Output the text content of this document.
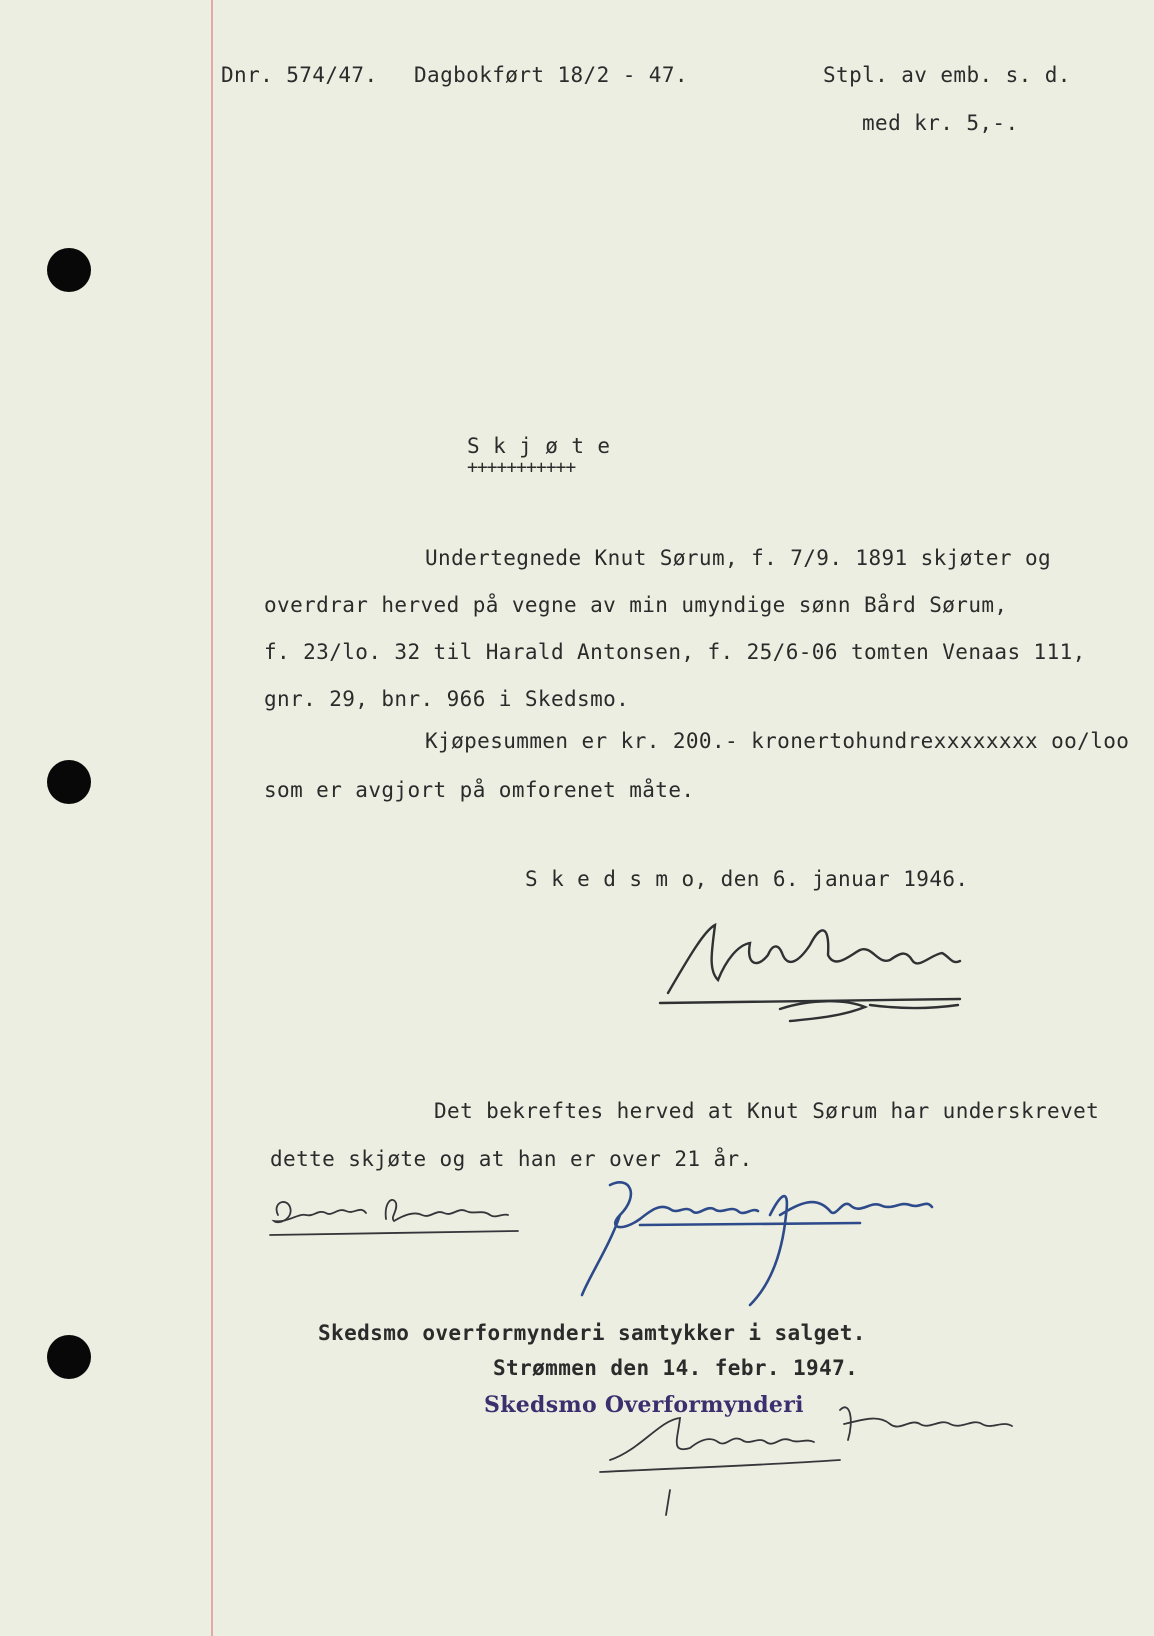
Dnr. 574/47. Dagbokført 18/2 - 47.	Stpl. av emb. s. d.
med kr. 5,-.
S k j ø t e
+++++++++++
Undertegnede Knut Sørum, f. 7/9. 1891 skjøter og
overdrar herved på vegne av min umyndige sønn Bård Sørum,
f. 23/lo. 32 til Harald Antonsen, f. 25/6-06 tomten Venaas 111,
gnr. 29, bnr. 966 i Skedsmo.
Kjøpesummen er kr. 200.- kronertohundrexxxxxxxx oo/loo
som er avgjort på omforenet måte.
S k e d s m o, den 6. januar 1946.
Det bekreftes herved at Knut Sørum har underskrevet
dette skjøte og at han er over 21 år.
Skedsmo overformynderi samtykker i salget.
Strømmen den 14. febr. 1947.
Skedsmo Overformynderi
